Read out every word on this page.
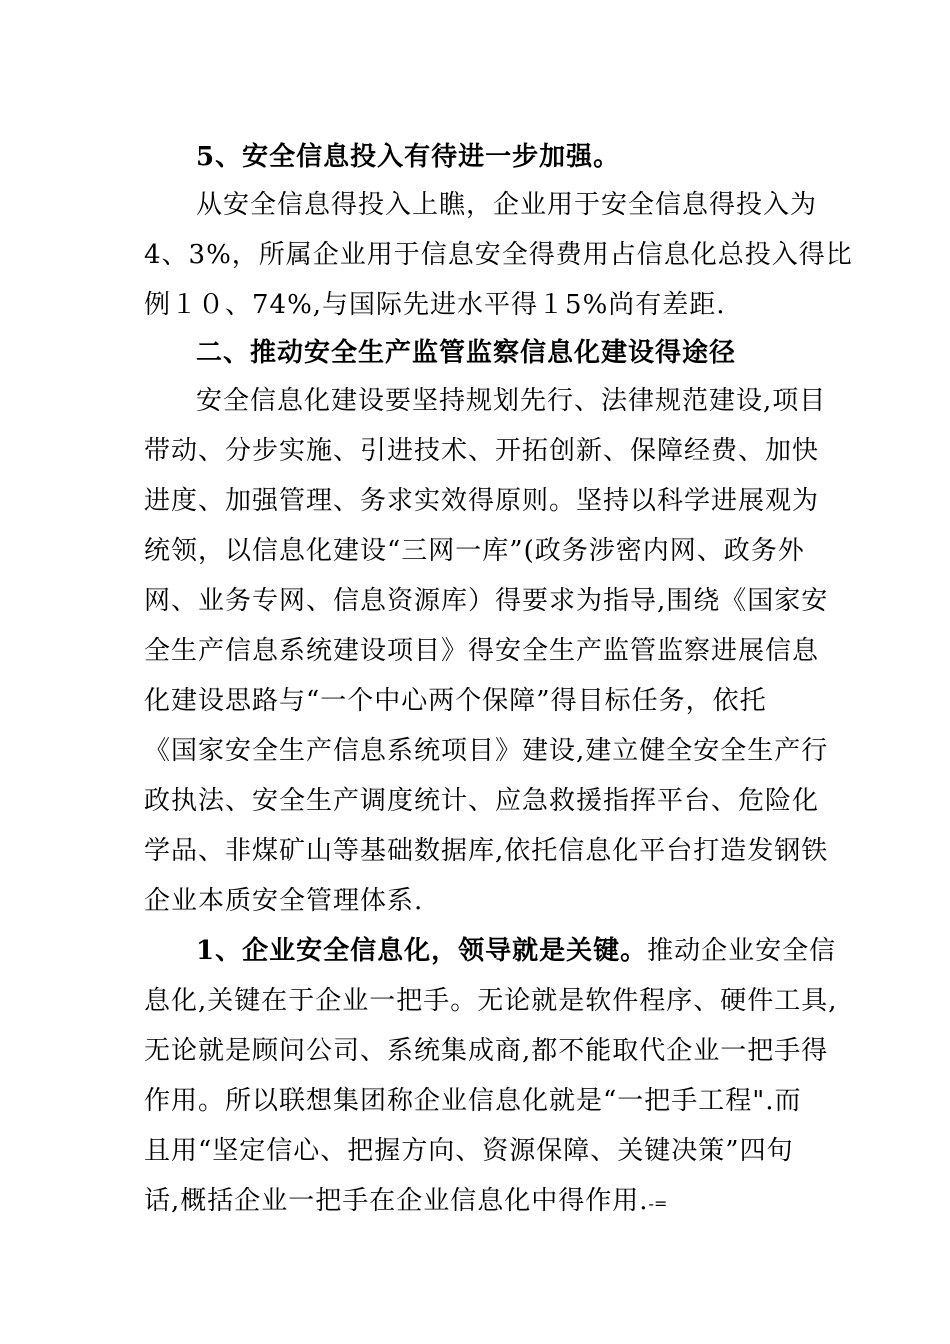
5、安全信息投入有待进一步加强。
从安全信息得投入上瞧，企业用于安全信息得投入为
4、3%，所属企业用于信息安全得费用占信息化总投入得比
例１０、74%,与国际先进水平得１5%尚有差距.
二、推动安全生产监管监察信息化建设得途径
安全信息化建设要坚持规划先行、法律规范建设,项目
带动、分步实施、引进技术、开拓创新、保障经费、加快
进度、加强管理、务求实效得原则。坚持以科学进展观为
统领，以信息化建设“三网一库”(政务涉密内网、政务外
网、业务专网、信息资源库）得要求为指导,围绕《国家安
全生产信息系统建设项目》得安全生产监管监察进展信息
化建设思路与“一个中心两个保障”得目标任务，依托
《国家安全生产信息系统项目》建设,建立健全安全生产行
政执法、安全生产调度统计、应急救援指挥平台、危险化
学品、非煤矿山等基础数据库,依托信息化平台打造发钢铁
企业本质安全管理体系.
1、企业安全信息化，领导就是关键。推动企业安全信
息化,关键在于企业一把手。无论就是软件程序、硬件工具,
无论就是顾问公司、系统集成商,都不能取代企业一把手得
作用。所以联想集团称企业信息化就是“一把手工程".而
且用“坚定信心、把握方向、资源保障、关键决策”四句
话,概括企业一把手在企业信息化中得作用.-=
